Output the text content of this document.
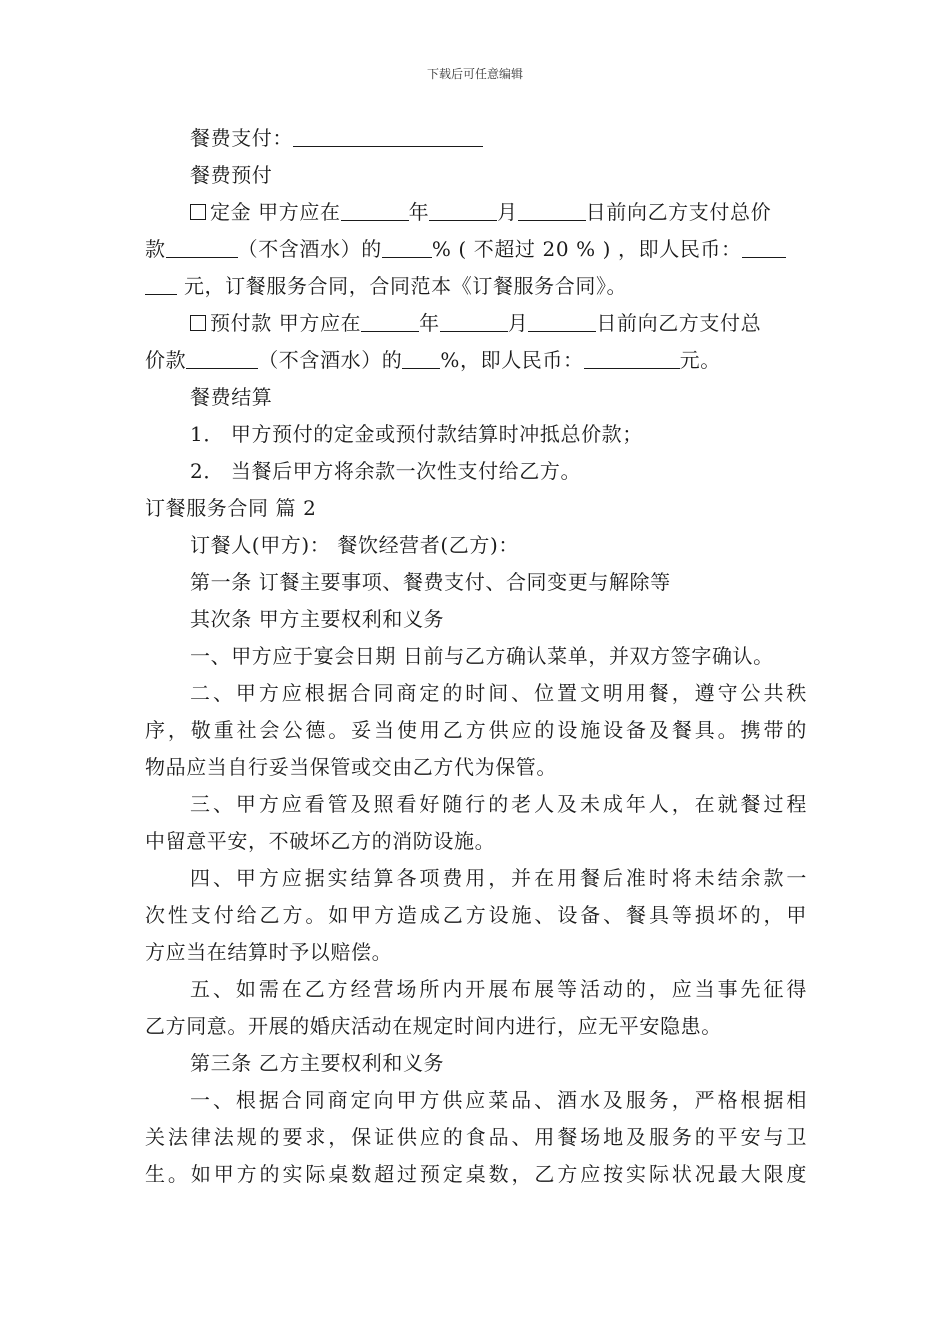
下载后可任意编辑
餐费支付：
餐费预付
定金 甲方应在	年	月	日前向乙方支付总价
款	（不含酒水）的	% ( 不超过 20 % ) ，即人民币：
元，订餐服务合同，合同范本《订餐服务合同》。
预付款 甲方应在	年	月	日前向乙方支付总
价款	（不含酒水）的 %，即人民币：	元。
餐费结算
1． 甲方预付的定金或预付款结算时冲抵总价款；
2． 当餐后甲方将余款一次性支付给乙方。
订餐服务合同 篇 2
订餐人(甲方)： 餐饮经营者(乙方)：
第一条 订餐主要事项、餐费支付、合同变更与解除等
其次条 甲方主要权利和义务
一、甲方应于宴会日期 日前与乙方确认菜单，并双方签字确认。
二、甲方应根据合同商定的时间、位置文明用餐，遵守公共秩
序，敬重社会公德。妥当使用乙方供应的设施设备及餐具。携带的
物品应当自行妥当保管或交由乙方代为保管。
三、甲方应看管及照看好随行的老人及未成年人，在就餐过程
中留意平安，不破坏乙方的消防设施。
四、甲方应据实结算各项费用，并在用餐后准时将未结余款一
次性支付给乙方。如甲方造成乙方设施、设备、餐具等损坏的，甲
方应当在结算时予以赔偿。
五、如需在乙方经营场所内开展布展等活动的，应当事先征得
乙方同意。开展的婚庆活动在规定时间内进行，应无平安隐患。
第三条 乙方主要权利和义务
一、根据合同商定向甲方供应菜品、酒水及服务，严格根据相
关法律法规的要求，保证供应的食品、用餐场地及服务的平安与卫
生。如甲方的实际桌数超过预定桌数，乙方应按实际状况最大限度
